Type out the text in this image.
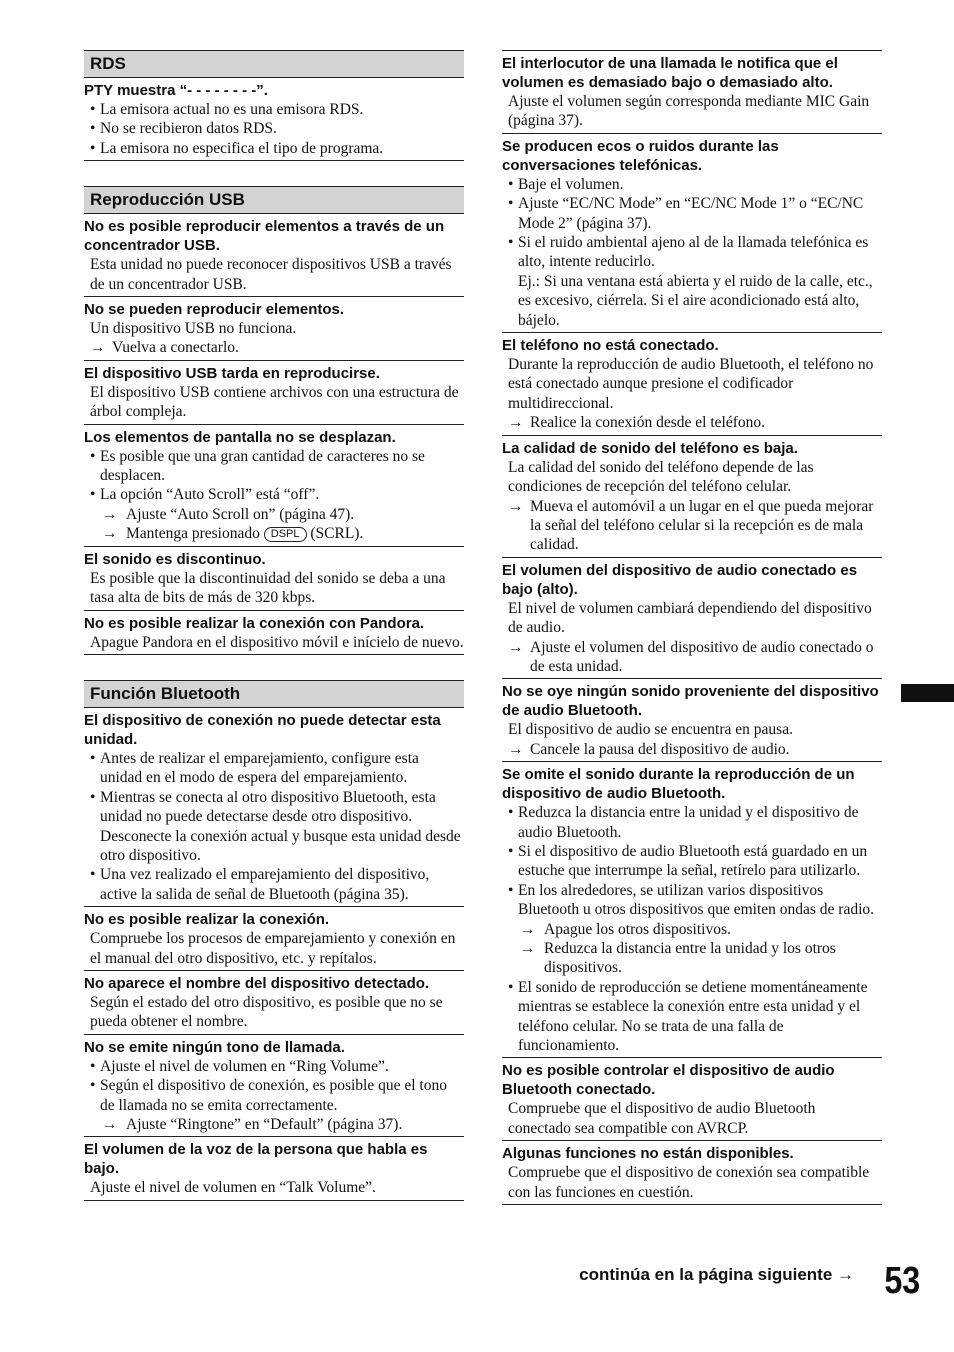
RDS
PTY muestra “- - - - - - - -”.
• La emisora actual no es una emisora RDS.
• No se recibieron datos RDS.
• La emisora no especifica el tipo de programa.
Reproducción USB
No es posible reproducir elementos a través de un concentrador USB.
Esta unidad no puede reconocer dispositivos USB a través de un concentrador USB.
No se pueden reproducir elementos.
Un dispositivo USB no funciona.
→ Vuelva a conectarlo.
El dispositivo USB tarda en reproducirse.
El dispositivo USB contiene archivos con una estructura de árbol compleja.
Los elementos de pantalla no se desplazan.
• Es posible que una gran cantidad de caracteres no se desplacen.
• La opción “Auto Scroll” está “off”.
→ Ajuste “Auto Scroll on” (página 47).
→ Mantenga presionado DSPL (SCRL).
El sonido es discontinuo.
Es posible que la discontinuidad del sonido se deba a una tasa alta de bits de más de 320 kbps.
No es posible realizar la conexión con Pandora.
Apague Pandora en el dispositivo móvil e inícielo de nuevo.
Función Bluetooth
El dispositivo de conexión no puede detectar esta unidad.
• Antes de realizar el emparejamiento, configure esta unidad en el modo de espera del emparejamiento.
• Mientras se conecta al otro dispositivo Bluetooth, esta unidad no puede detectarse desde otro dispositivo. Desconecte la conexión actual y busque esta unidad desde otro dispositivo.
• Una vez realizado el emparejamiento del dispositivo, active la salida de señal de Bluetooth (página 35).
No es posible realizar la conexión.
Compruebe los procesos de emparejamiento y conexión en el manual del otro dispositivo, etc. y repítalos.
No aparece el nombre del dispositivo detectado.
Según el estado del otro dispositivo, es posible que no se pueda obtener el nombre.
No se emite ningún tono de llamada.
• Ajuste el nivel de volumen en “Ring Volume”.
• Según el dispositivo de conexión, es posible que el tono de llamada no se emita correctamente.
→ Ajuste “Ringtone” en “Default” (página 37).
El volumen de la voz de la persona que habla es bajo.
Ajuste el nivel de volumen en “Talk Volume”.
El interlocutor de una llamada le notifica que el volumen es demasiado bajo o demasiado alto.
Ajuste el volumen según corresponda mediante MIC Gain (página 37).
Se producen ecos o ruidos durante las conversaciones telefónicas.
• Baje el volumen.
• Ajuste “EC/NC Mode” en “EC/NC Mode 1” o “EC/NC Mode 2” (página 37).
• Si el ruido ambiental ajeno al de la llamada telefónica es alto, intente reducirlo.
Ej.: Si una ventana está abierta y el ruido de la calle, etc., es excesivo, ciérrela. Si el aire acondicionado está alto, bájelo.
El teléfono no está conectado.
Durante la reproducción de audio Bluetooth, el teléfono no está conectado aunque presione el codificador multidireccional.
→ Realice la conexión desde el teléfono.
La calidad de sonido del teléfono es baja.
La calidad del sonido del teléfono depende de las condiciones de recepción del teléfono celular.
→ Mueva el automóvil a un lugar en el que pueda mejorar la señal del teléfono celular si la recepción es de mala calidad.
El volumen del dispositivo de audio conectado es bajo (alto).
El nivel de volumen cambiará dependiendo del dispositivo de audio.
→ Ajuste el volumen del dispositivo de audio conectado o de esta unidad.
No se oye ningún sonido proveniente del dispositivo de audio Bluetooth.
El dispositivo de audio se encuentra en pausa.
→ Cancele la pausa del dispositivo de audio.
Se omite el sonido durante la reproducción de un dispositivo de audio Bluetooth.
• Reduzca la distancia entre la unidad y el dispositivo de audio Bluetooth.
• Si el dispositivo de audio Bluetooth está guardado en un estuche que interrumpe la señal, retírelo para utilizarlo.
• En los alrededores, se utilizan varios dispositivos Bluetooth u otros dispositivos que emiten ondas de radio.
→ Apague los otros dispositivos.
→ Reduzca la distancia entre la unidad y los otros dispositivos.
• El sonido de reproducción se detiene momentáneamente mientras se establece la conexión entre esta unidad y el teléfono celular. No se trata de una falla de funcionamiento.
No es posible controlar el dispositivo de audio Bluetooth conectado.
Compruebe que el dispositivo de audio Bluetooth conectado sea compatible con AVRCP.
Algunas funciones no están disponibles.
Compruebe que el dispositivo de conexión sea compatible con las funciones en cuestión.
continúa en la página siguiente → 53
